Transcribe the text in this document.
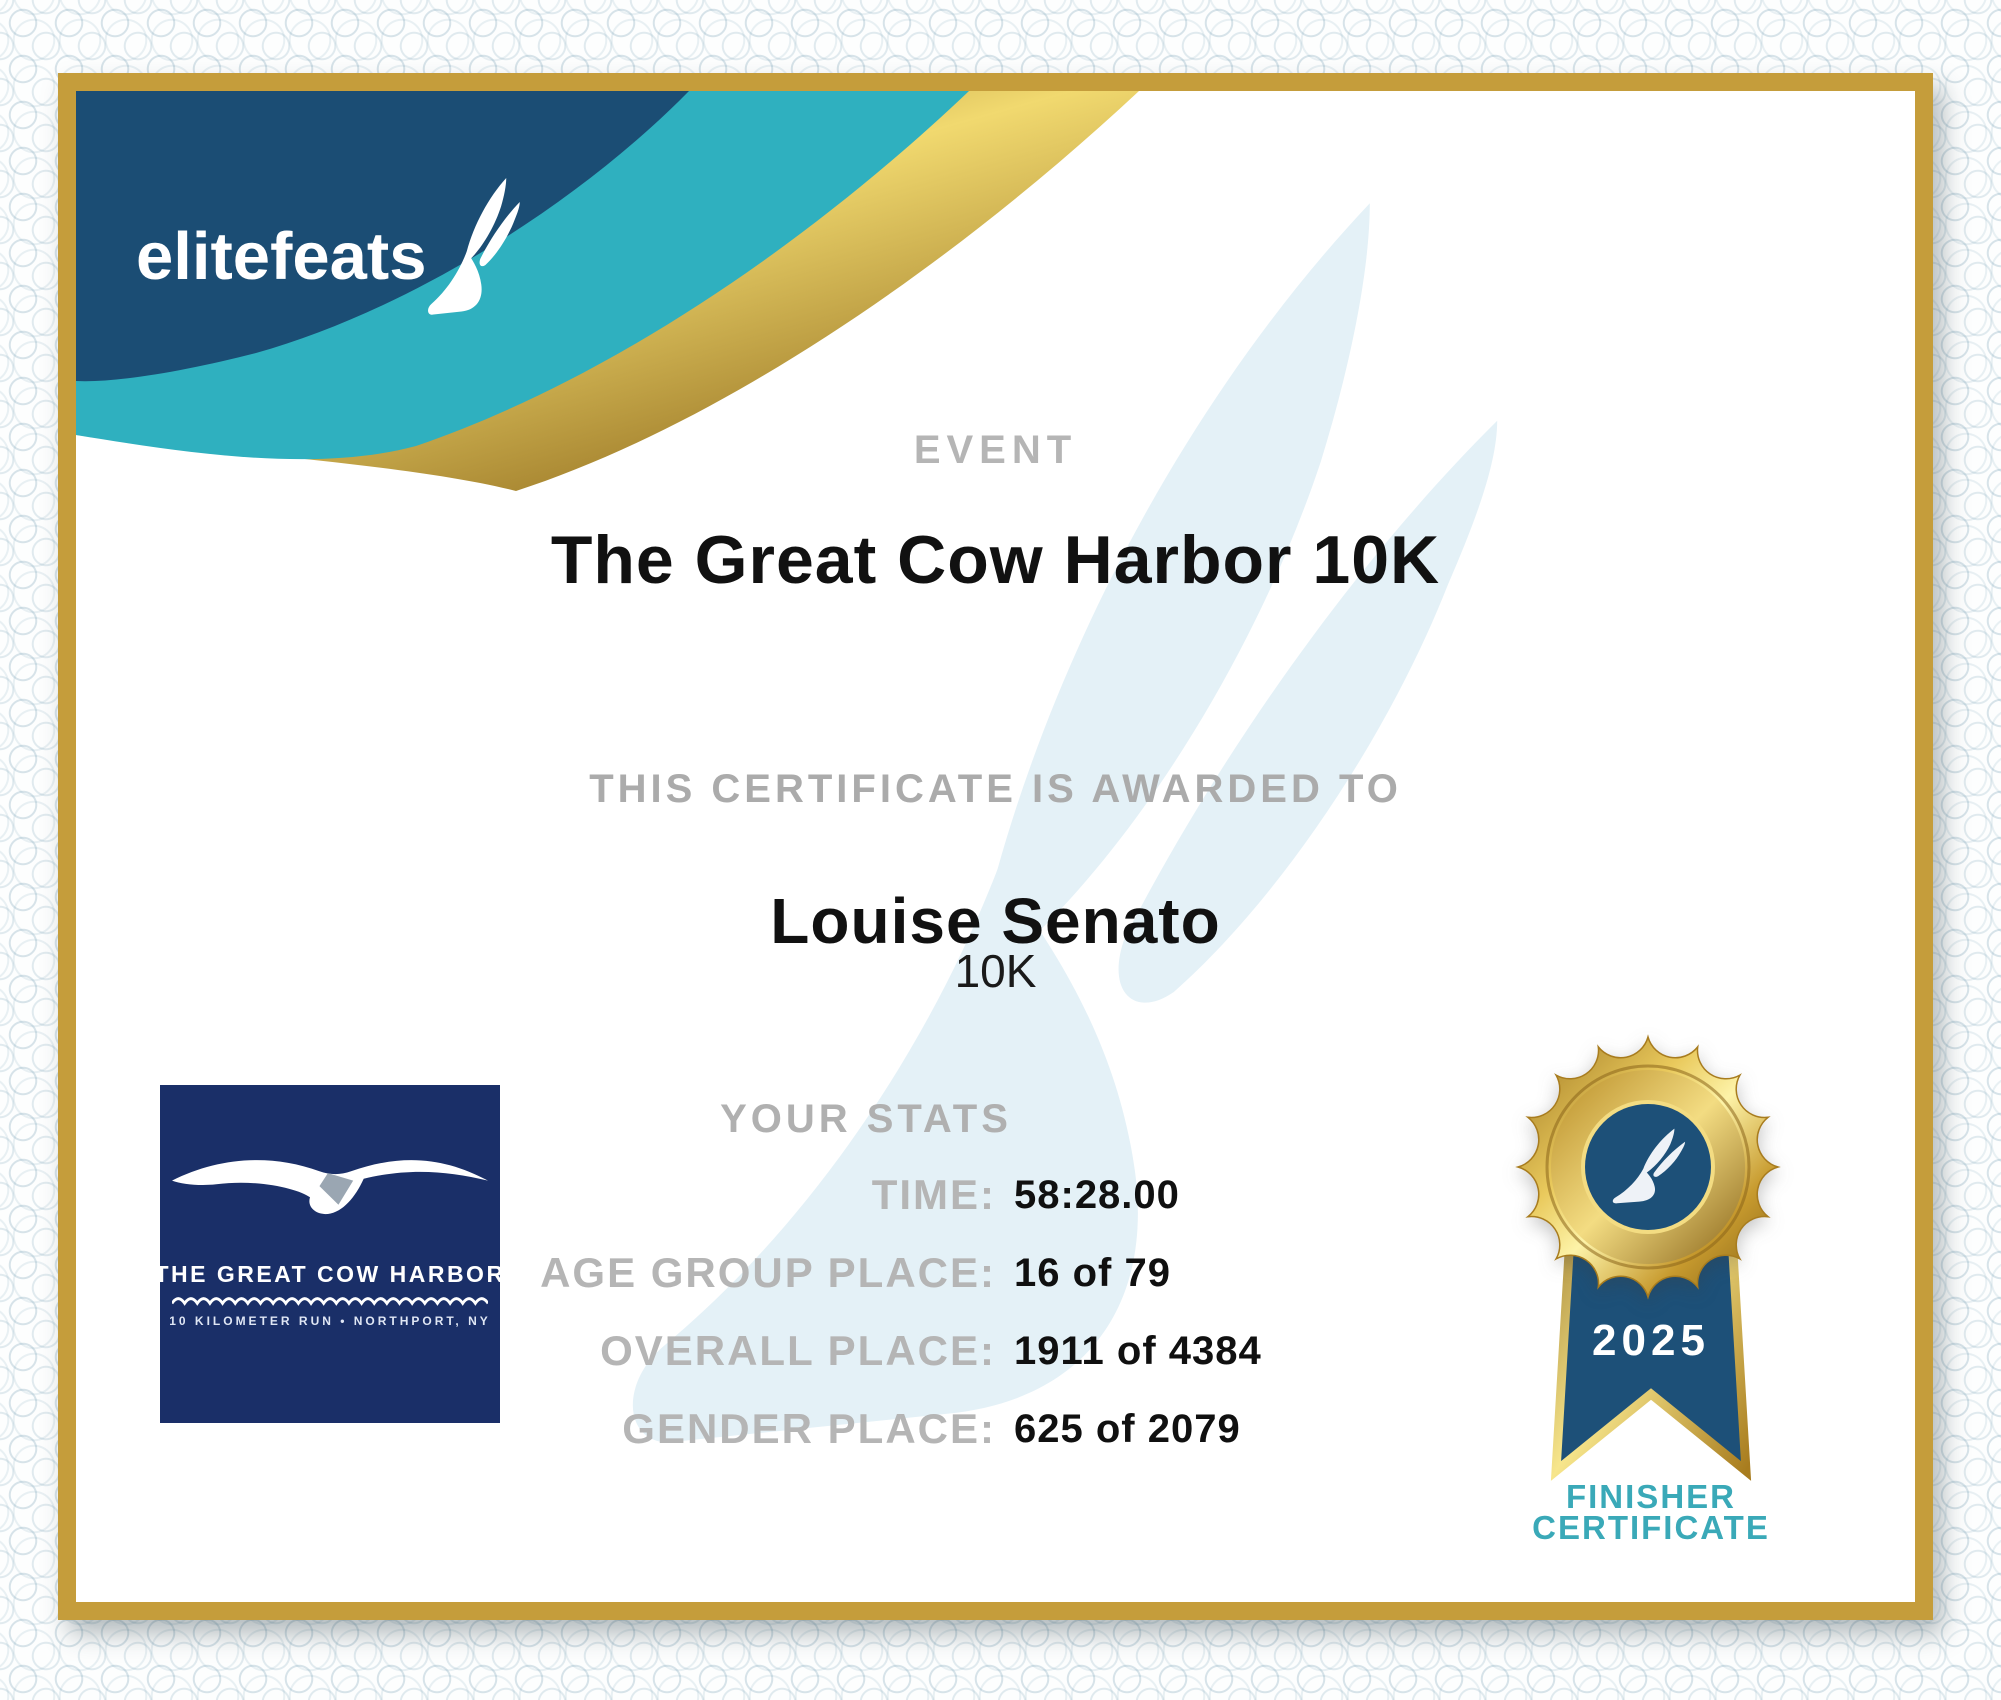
elitefeats
EVENT
The Great Cow Harbor 10K
THIS CERTIFICATE IS AWARDED TO
Louise Senato
10K
YOUR STATS
TIME: 58:28.00
AGE GROUP PLACE: 16 of 79
OVERALL PLACE: 1911 of 4384
GENDER PLACE: 625 of 2079
THE GREAT COW HARBOR
10 KILOMETER RUN • NORTHPORT, NY	2025
FINISHER
CERTIFICATE
